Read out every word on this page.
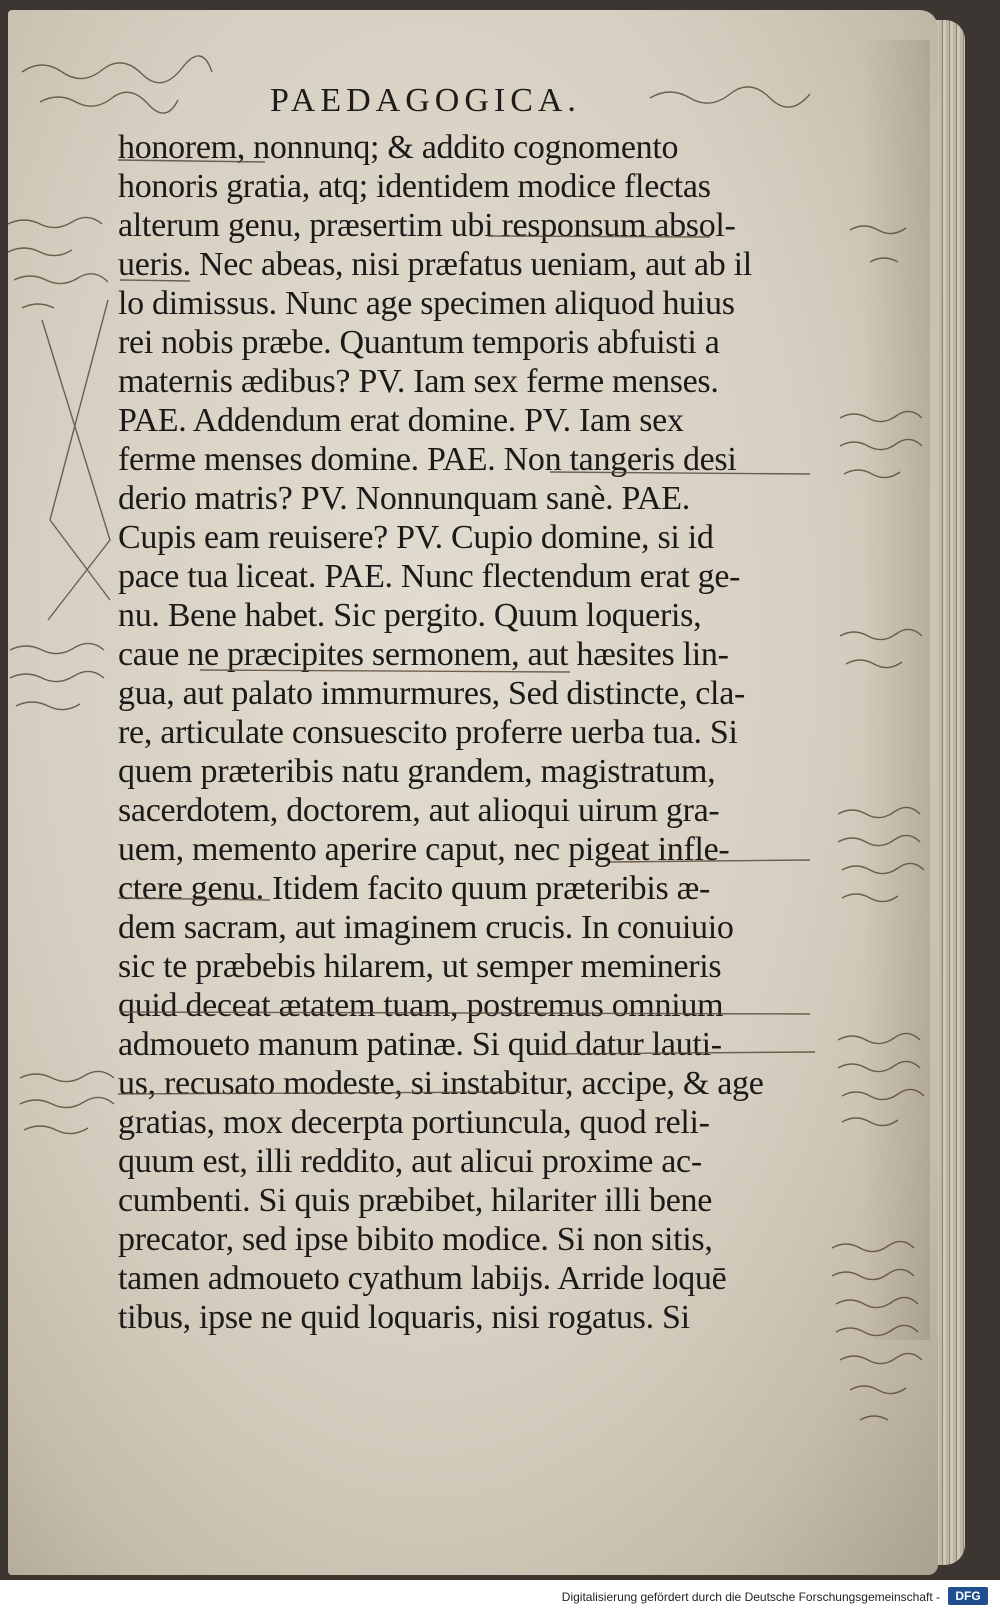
PAEDAGOGICA.
honorem, nonnunq; & addito cognomento
honoris gratia, atq; identidem modice flectas
alterum genu, præsertim ubi responsum absol-
ueris. Nec abeas, nisi præfatus ueniam, aut ab il
lo dimissus. Nunc age specimen aliquod huius
rei nobis præbe. Quantum temporis abfuisti a
maternis ædibus? PV. Iam sex ferme menses.
PAE. Addendum erat domine. PV. Iam sex
ferme menses domine. PAE. Non tangeris desi
derio matris? PV. Nonnunquam sanè. PAE.
Cupis eam reuisere? PV. Cupio domine, si id
pace tua liceat. PAE. Nunc flectendum erat ge-
nu. Bene habet. Sic pergito. Quum loqueris,
caue ne præcipites sermonem, aut hæsites lin-
gua, aut palato immurmures, Sed distincte, cla-
re, articulate consuescito proferre uerba tua. Si
quem præteribis natu grandem, magistratum,
sacerdotem, doctorem, aut alioqui uirum gra-
uem, memento aperire caput, nec pigeat infle-
ctere genu. Itidem facito quum præteribis æ-
dem sacram, aut imaginem crucis. In conuiuio
sic te præbebis hilarem, ut semper memineris
quid deceat ætatem tuam, postremus omnium
admoueto manum patinæ. Si quid datur lauti-
us, recusato modeste, si instabitur, accipe, & age
gratias, mox decerpta portiuncula, quod reli-
quum est, illi reddito, aut alicui proxime ac-
cumbenti. Si quis præbibet, hilariter illi bene
precator, sed ipse bibito modice. Si non sitis,
tamen admoueto cyathum labijs. Arride loquē
tibus, ipse ne quid loquaris, nisi rogatus. Si
Digitalisierung gefördert durch die Deutsche Forschungsgemeinschaft -	DFG
